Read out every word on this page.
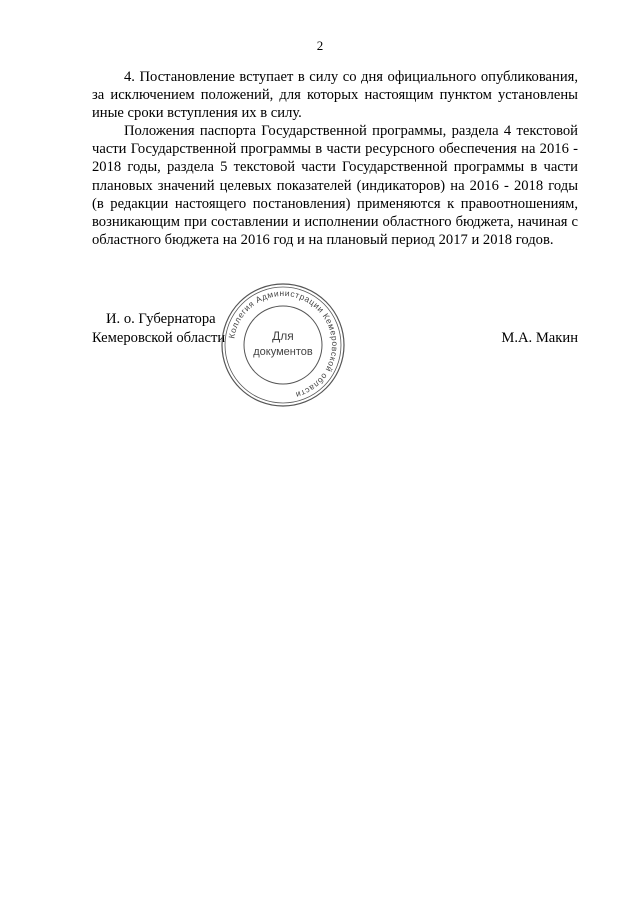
2

4. Постановление вступает в силу со дня официального опубликования, за исключением положений, для которых настоящим пунктом установлены иные сроки вступления их в силу.

Положения паспорта Государственной программы, раздела 4 текстовой части Государственной программы в части ресурсного обеспечения на 2016 - 2018 годы, раздела 5 текстовой части Государственной программы в части плановых значений целевых показателей (индикаторов) на 2016 - 2018 годы (в редакции настоящего постановления) применяются к правоотношениям, возникающим при составлении и исполнении областного бюджета, начиная с областного бюджета на 2016 год и на плановый период 2017 и 2018 годов.

И. о. Губернатора
Кемеровской области	М.А. Макин
Коллегия Администрации Кемеровской области
Для
документов
